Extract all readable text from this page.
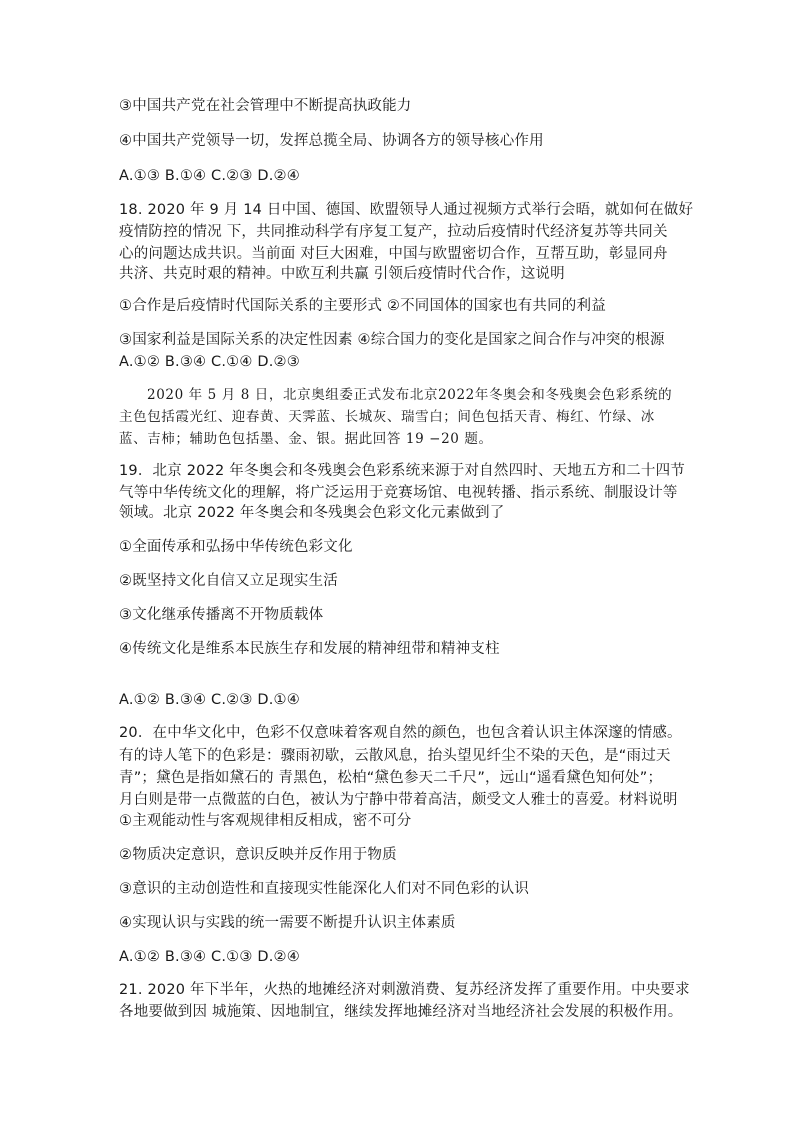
③中国共产党在社会管理中不断提高执政能力
④中国共产党领导一切，发挥总揽全局、协调各方的领导核心作用
A.①③ B.①④ C.②③ D.②④
18. 2020 年 9 月 14 日中国、德国、欧盟领导人通过视频方式举行会晤，就如何在做好
疫情防控的情况 下，共同推动科学有序复工复产，拉动后疫情时代经济复苏等共同关
心的问题达成共识。当前面 对巨大困难，中国与欧盟密切合作，互帮互助，彰显同舟
共济、共克时艰的精神。中欧互利共赢 引领后疫情时代合作，这说明
①合作是后疫情时代国际关系的主要形式 ②不同国体的国家也有共同的利益
③国家利益是国际关系的决定性因素 ④综合国力的变化是国家之间合作与冲突的根源
A.①② B.③④ C.①④ D.②③
2020 年 5 月 8 日，北京奥组委正式发布北京2022年冬奥会和冬残奥会色彩系统的
主色包括霞光红、迎春黄、天霁蓝、长城灰、瑞雪白；间色包括天青、梅红、竹绿、冰
蓝、吉柿；辅助色包括墨、金、银。据此回答 19 −20 题。
19．北京 2022 年冬奥会和冬残奥会色彩系统来源于对自然四时、天地五方和二十四节
气等中华传统文化的理解，将广泛运用于竞赛场馆、电视转播、指示系统、制服设计等
领域。北京 2022 年冬奥会和冬残奥会色彩文化元素做到了
①全面传承和弘扬中华传统色彩文化
②既坚持文化自信又立足现实生活
③文化继承传播离不开物质载体
④传统文化是维系本民族生存和发展的精神纽带和精神支柱
A.①② B.③④ C.②③ D.①④
20．在中华文化中，色彩不仅意味着客观自然的颜色，也包含着认识主体深邃的情感。
有的诗人笔下的色彩是：骤雨初歇，云散风息，抬头望见纤尘不染的天色，是“雨过天
青”；黛色是指如黛石的 青黑色，松柏“黛色参天二千尺”，远山“遥看黛色知何处”；
月白则是带一点微蓝的白色，被认为宁静中带着高洁，颇受文人雅士的喜爱。材料说明
①主观能动性与客观规律相反相成，密不可分
②物质决定意识，意识反映并反作用于物质
③意识的主动创造性和直接现实性能深化人们对不同色彩的认识
④实现认识与实践的统一需要不断提升认识主体素质
A.①② B.③④ C.①③ D.②④
21. 2020 年下半年，火热的地摊经济对刺激消费、复苏经济发挥了重要作用。中央要求
各地要做到因 城施策、因地制宜，继续发挥地摊经济对当地经济社会发展的积极作用。
